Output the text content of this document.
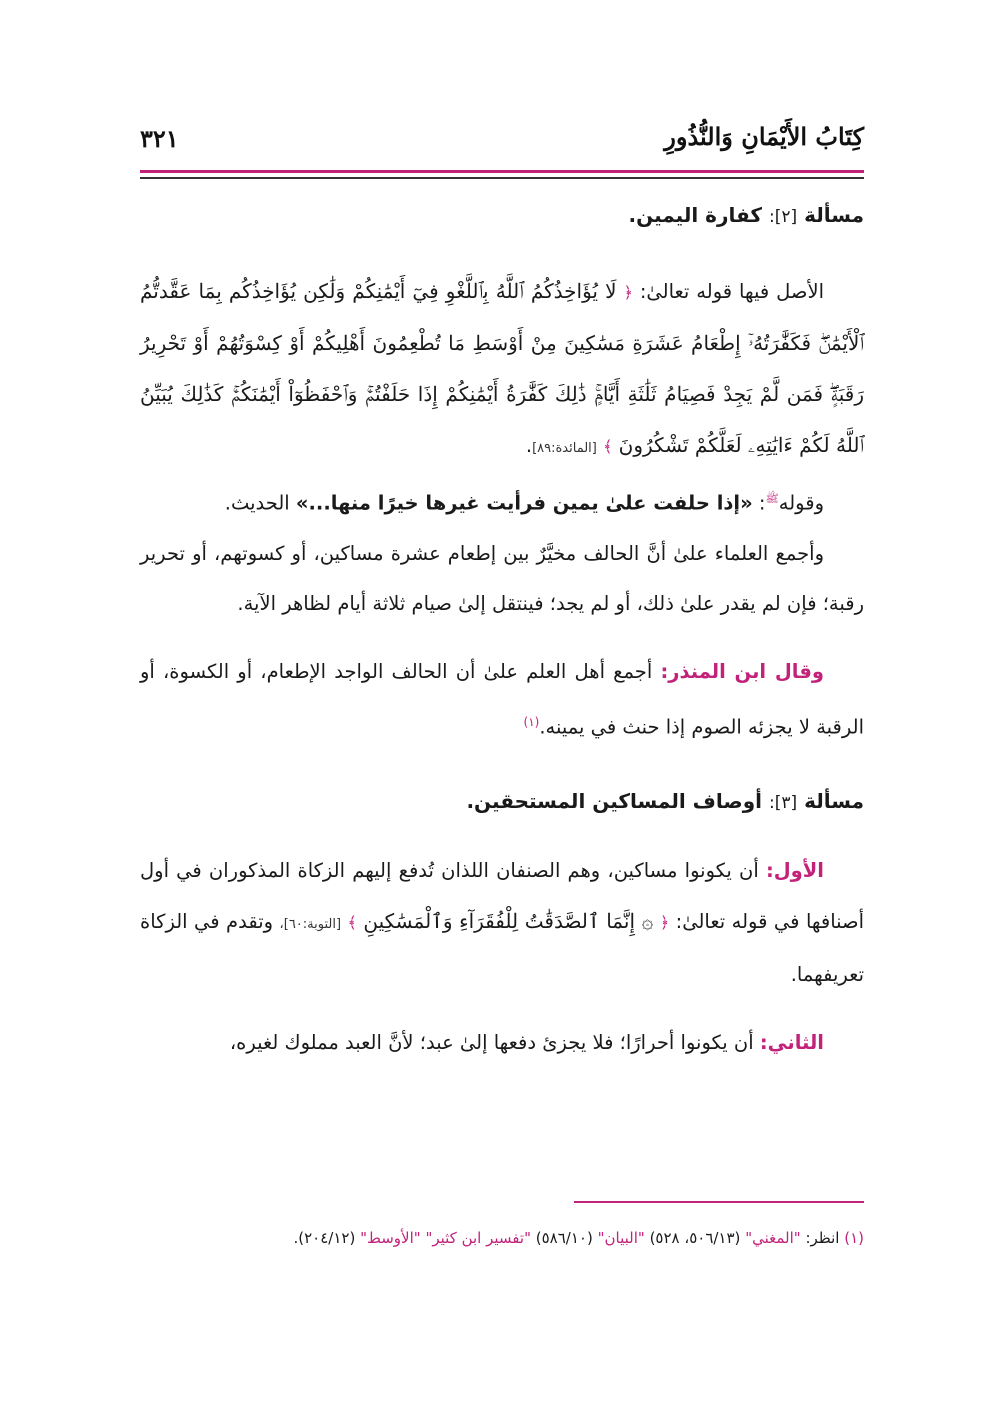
كِتَابُ الأَيْمَانِ وَالنُّذُورِ
٣٢١

مسألة [٢]: كفارة اليمين.

الأصل فيها قوله تعالىٰ: ﴿ لَا يُؤَاخِذُكُمُ ٱللَّهُ بِٱللَّغْوِ فِيٓ أَيْمَٰنِكُمْ وَلَٰكِن يُؤَاخِذُكُم بِمَا عَقَّدتُّمُ ٱلْأَيْمَٰنَۖ فَكَفَّٰرَتُهُۥٓ إِطْعَامُ عَشَرَةِ مَسَٰكِينَ مِنْ أَوْسَطِ مَا تُطْعِمُونَ أَهْلِيكُمْ أَوْ كِسْوَتُهُمْ أَوْ تَحْرِيرُ رَقَبَةٍۖ فَمَن لَّمْ يَجِدْ فَصِيَامُ ثَلَٰثَةِ أَيَّامٍۚ ذَٰلِكَ كَفَّٰرَةُ أَيْمَٰنِكُمْ إِذَا حَلَفْتُمْۚ وَٱحْفَظُوٓاْ أَيْمَٰنَكُمْۚ كَذَٰلِكَ يُبَيِّنُ ٱللَّهُ لَكُمْ ءَايَٰتِهِۦ لَعَلَّكُمْ تَشْكُرُونَ ﴾ [المائدة:٨٩].

وقوله$^ﷺ$: «إذا حلفت علىٰ يمين فرأيت غيرها خيرًا منها...» الحديث.

وأجمع العلماء علىٰ أنَّ الحالف مخيَّرٌ بين إطعام عشرة مساكين، أو كسوتهم، أو تحرير رقبة؛ فإن لم يقدر علىٰ ذلك، أو لم يجد؛ فينتقل إلىٰ صيام ثلاثة أيام لظاهر الآية.

وقال ابن المنذر: أجمع أهل العلم علىٰ أن الحالف الواجد الإطعام، أو الكسوة، أو الرقبة لا يجزئه الصوم إذا حنث في يمينه.$^{(١)}$

مسألة [٣]: أوصاف المساكين المستحقين.

الأول: أن يكونوا مساكين، وهم الصنفان اللذان تُدفع إليهم الزكاة المذكوران في أول أصنافها في قوله تعالىٰ: ﴿ ۞ إِنَّمَا ٱلصَّدَقَٰتُ لِلْفُقَرَآءِ وَٱلْمَسَٰكِينِ ﴾ [التوبة:٦٠]، وتقدم في الزكاة تعريفهما.

الثاني: أن يكونوا أحرارًا؛ فلا يجزئ دفعها إلىٰ عبد؛ لأنَّ العبد مملوك لغيره،

(١) انظر: "المغني" (٥٠٦/١٣، ٥٢٨) "البيان" (٥٨٦/١٠) "تفسير ابن كثير" "الأوسط" (٢٠٤/١٢).
